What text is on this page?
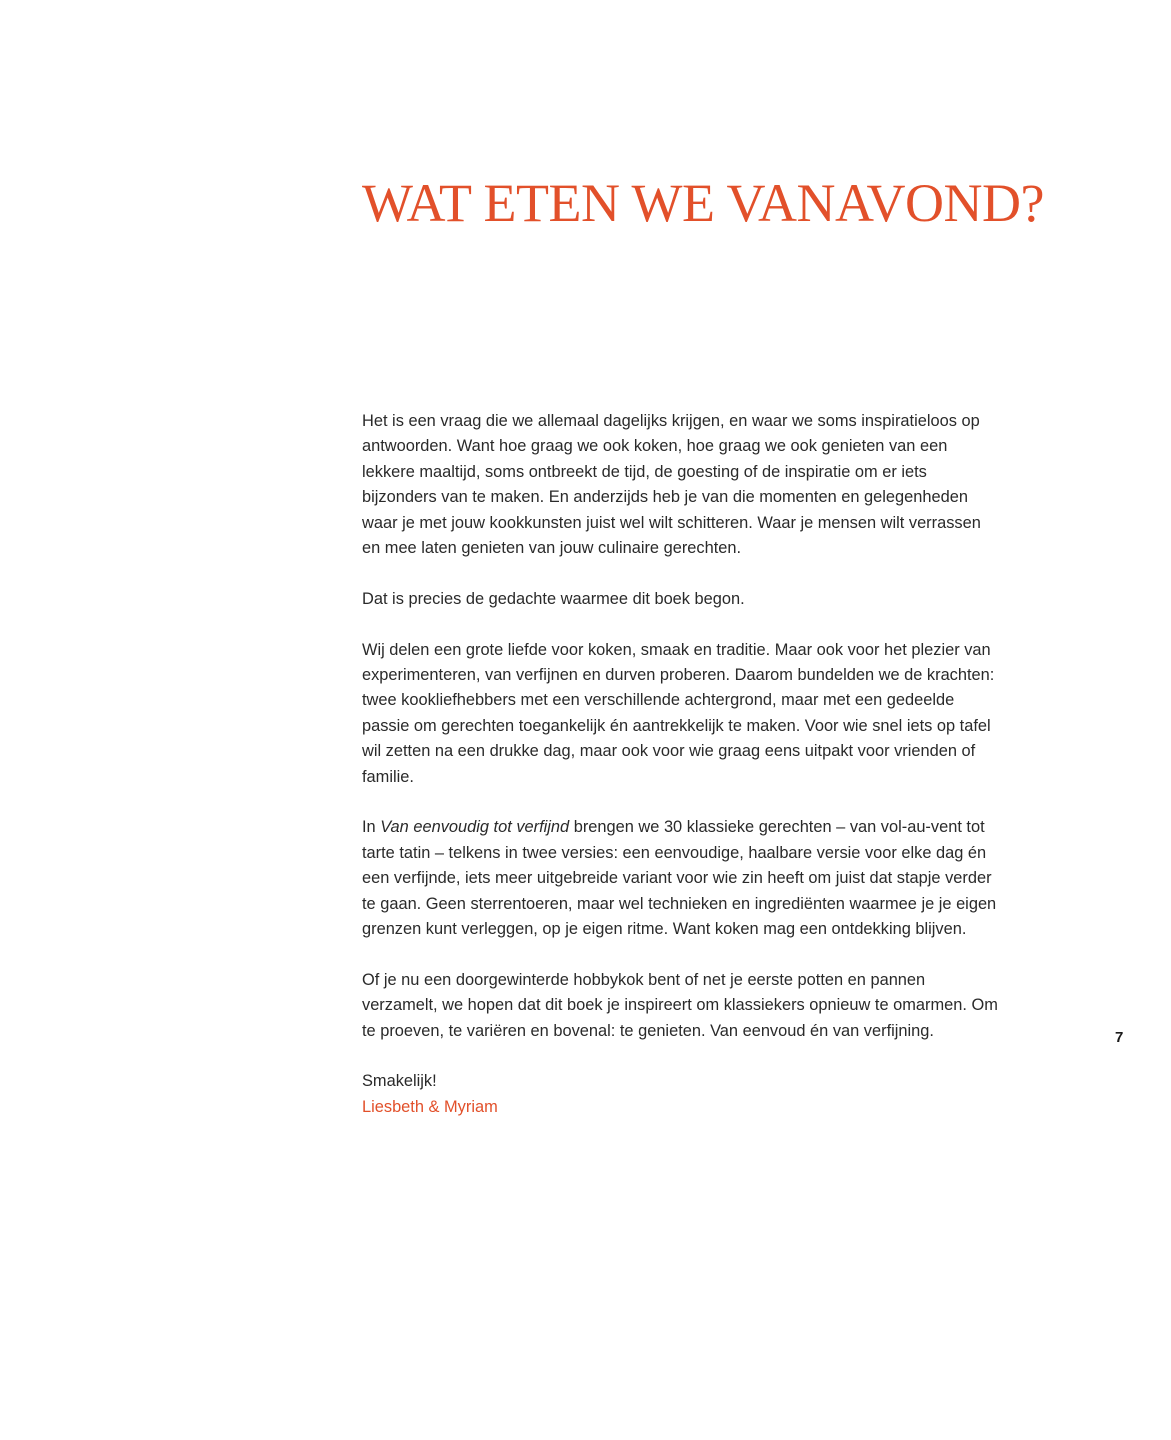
WAT ETEN WE VANAVOND?

Het is een vraag die we allemaal dagelijks krijgen, en waar we soms inspiratieloos op antwoorden. Want hoe graag we ook koken, hoe graag we ook genieten van een lekkere maaltijd, soms ontbreekt de tijd, de goesting of de inspiratie om er iets bijzonders van te maken. En anderzijds heb je van die momenten en gelegenheden waar je met jouw kookkunsten juist wel wilt schitteren. Waar je mensen wilt verrassen en mee laten genieten van jouw culinaire gerechten.

Dat is precies de gedachte waarmee dit boek begon.

Wij delen een grote liefde voor koken, smaak en traditie. Maar ook voor het plezier van experimenteren, van verfijnen en durven proberen. Daarom bundelden we de krachten: twee kookliefhebbers met een verschillende achtergrond, maar met een gedeelde passie om gerechten toegankelijk én aantrekkelijk te maken. Voor wie snel iets op tafel wil zetten na een drukke dag, maar ook voor wie graag eens uitpakt voor vrienden of familie.

In Van eenvoudig tot verfijnd brengen we 30 klassieke gerechten – van vol-au-vent tot tarte tatin – telkens in twee versies: een eenvoudige, haalbare versie voor elke dag én een verfijnde, iets meer uitgebreide variant voor wie zin heeft om juist dat stapje verder te gaan. Geen sterrentoeren, maar wel technieken en ingrediënten waarmee je je eigen grenzen kunt verleggen, op je eigen ritme. Want koken mag een ontdekking blijven.

Of je nu een doorgewinterde hobbykok bent of net je eerste potten en pannen verzamelt, we hopen dat dit boek je inspireert om klassiekers opnieuw te omarmen. Om te proeven, te variëren en bovenal: te genieten. Van eenvoud én van verfijning.

Smakelijk!

Liesbeth & Myriam
7
